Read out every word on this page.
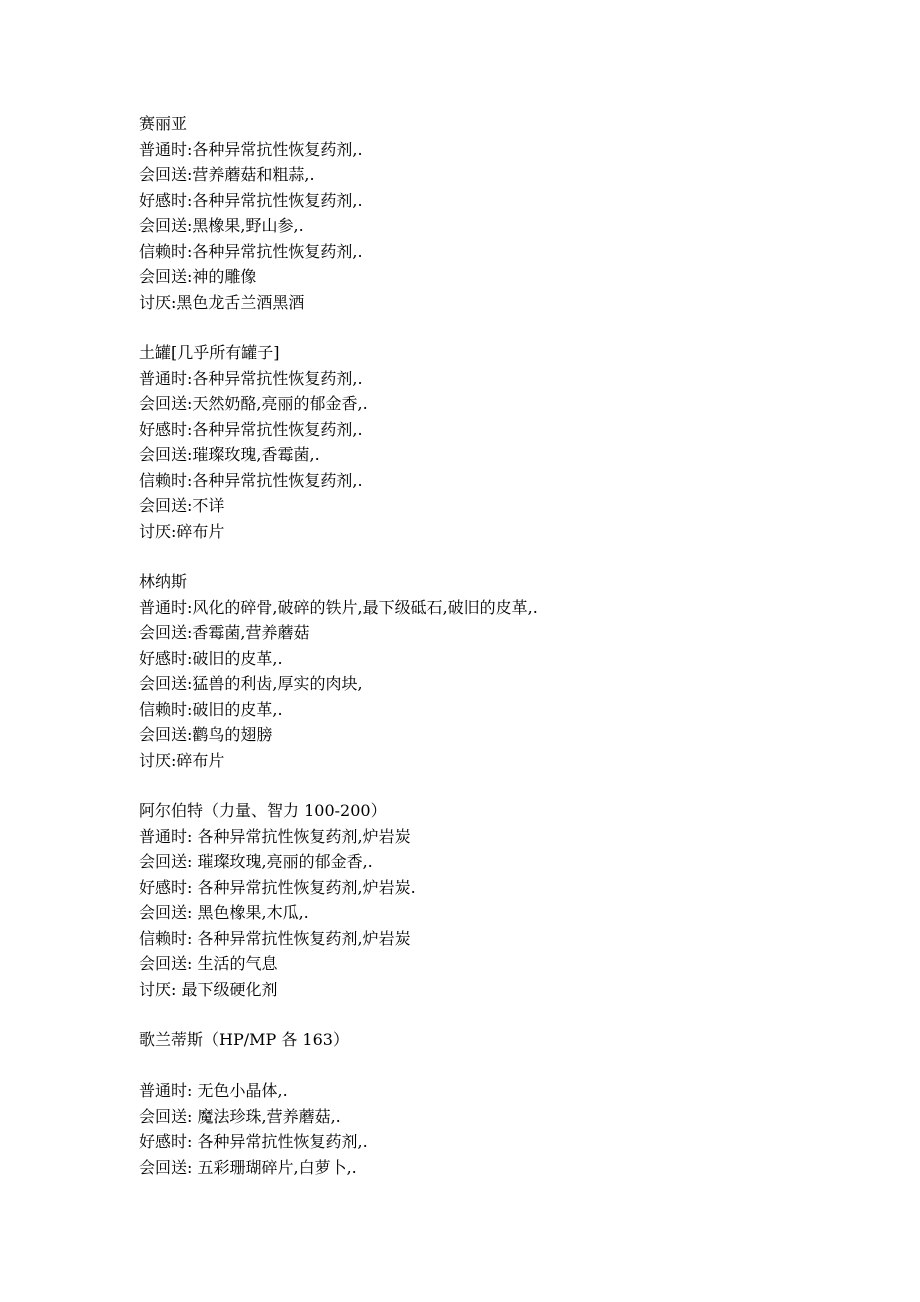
赛丽亚
普通时:各种异常抗性恢复药剂,.
会回送:营养蘑菇和粗蒜,.
好感时:各种异常抗性恢复药剂,.
会回送:黑橡果,野山参,.
信赖时:各种异常抗性恢复药剂,.
会回送:神的雕像
讨厌:黑色龙舌兰酒黑酒
土罐[几乎所有罐子]
普通时:各种异常抗性恢复药剂,.
会回送:天然奶酪,亮丽的郁金香,.
好感时:各种异常抗性恢复药剂,.
会回送:璀璨玫瑰,香霉菌,.
信赖时:各种异常抗性恢复药剂,.
会回送:不详
讨厌:碎布片
林纳斯
普通时:风化的碎骨,破碎的铁片,最下级砥石,破旧的皮革,.
会回送:香霉菌,营养蘑菇
好感时:破旧的皮革,.
会回送:猛兽的利齿,厚实的肉块,
信赖时:破旧的皮革,.
会回送:鹳鸟的翅膀
讨厌:碎布片
阿尔伯特（力量、智力 100-200）
普通时: 各种异常抗性恢复药剂,炉岩炭
会回送: 璀璨玫瑰,亮丽的郁金香,.
好感时: 各种异常抗性恢复药剂,炉岩炭.
会回送: 黑色橡果,木瓜,.
信赖时: 各种异常抗性恢复药剂,炉岩炭
会回送: 生活的气息
讨厌: 最下级硬化剂
歌兰蒂斯（HP/MP 各 163）
普通时: 无色小晶体,.
会回送: 魔法珍珠,营养蘑菇,.
好感时: 各种异常抗性恢复药剂,.
会回送: 五彩珊瑚碎片,白萝卜,.
